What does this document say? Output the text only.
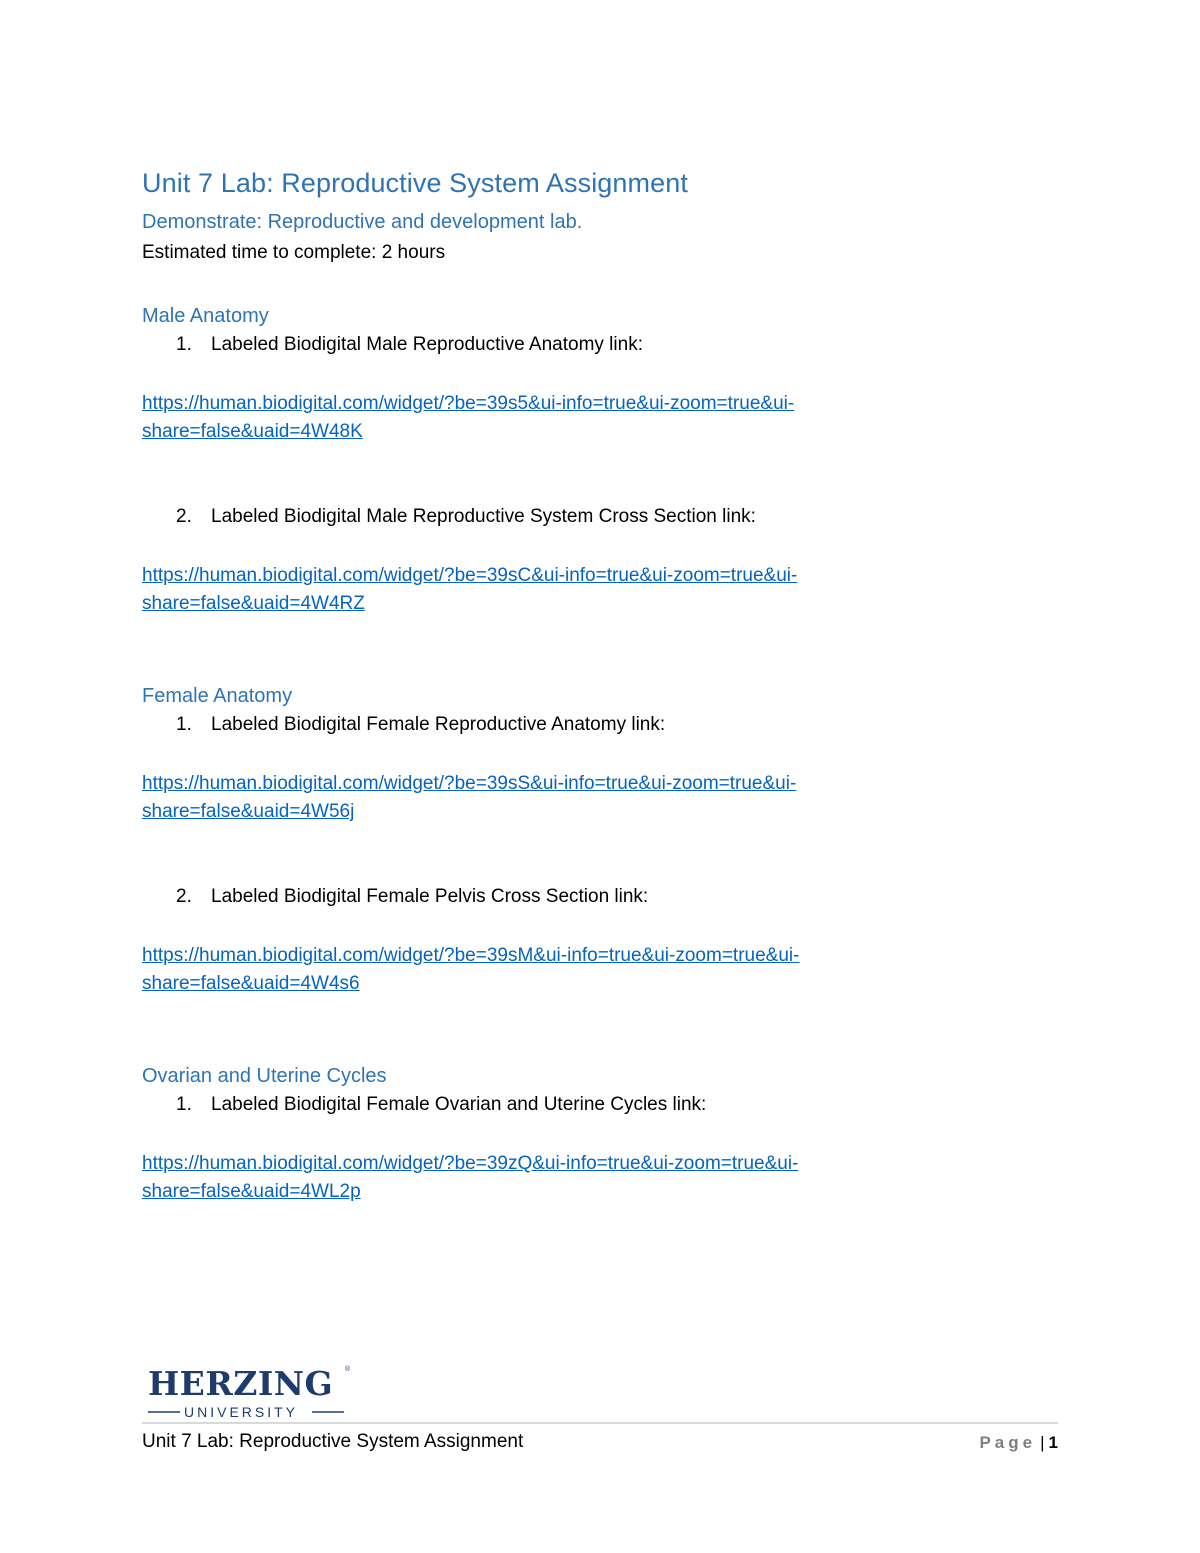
Unit 7 Lab: Reproductive System Assignment
Demonstrate: Reproductive and development lab.
Estimated time to complete: 2 hours
Male Anatomy
1. Labeled Biodigital Male Reproductive Anatomy link:
https://human.biodigital.com/widget/?be=39s5&ui-info=true&ui-zoom=true&ui-
share=false&uaid=4W48K
2. Labeled Biodigital Male Reproductive System Cross Section link:
https://human.biodigital.com/widget/?be=39sC&ui-info=true&ui-zoom=true&ui-
share=false&uaid=4W4RZ
Female Anatomy
1. Labeled Biodigital Female Reproductive Anatomy link:
https://human.biodigital.com/widget/?be=39sS&ui-info=true&ui-zoom=true&ui-
share=false&uaid=4W56j
2. Labeled Biodigital Female Pelvis Cross Section link:
https://human.biodigital.com/widget/?be=39sM&ui-info=true&ui-zoom=true&ui-
share=false&uaid=4W4s6
Ovarian and Uterine Cycles
1. Labeled Biodigital Female Ovarian and Uterine Cycles link:
https://human.biodigital.com/widget/?be=39zQ&ui-info=true&ui-zoom=true&ui-
share=false&uaid=4WL2p
HERZING ®
UNIVERSITY
Unit 7 Lab: Reproductive System Assignment	Page | 1
